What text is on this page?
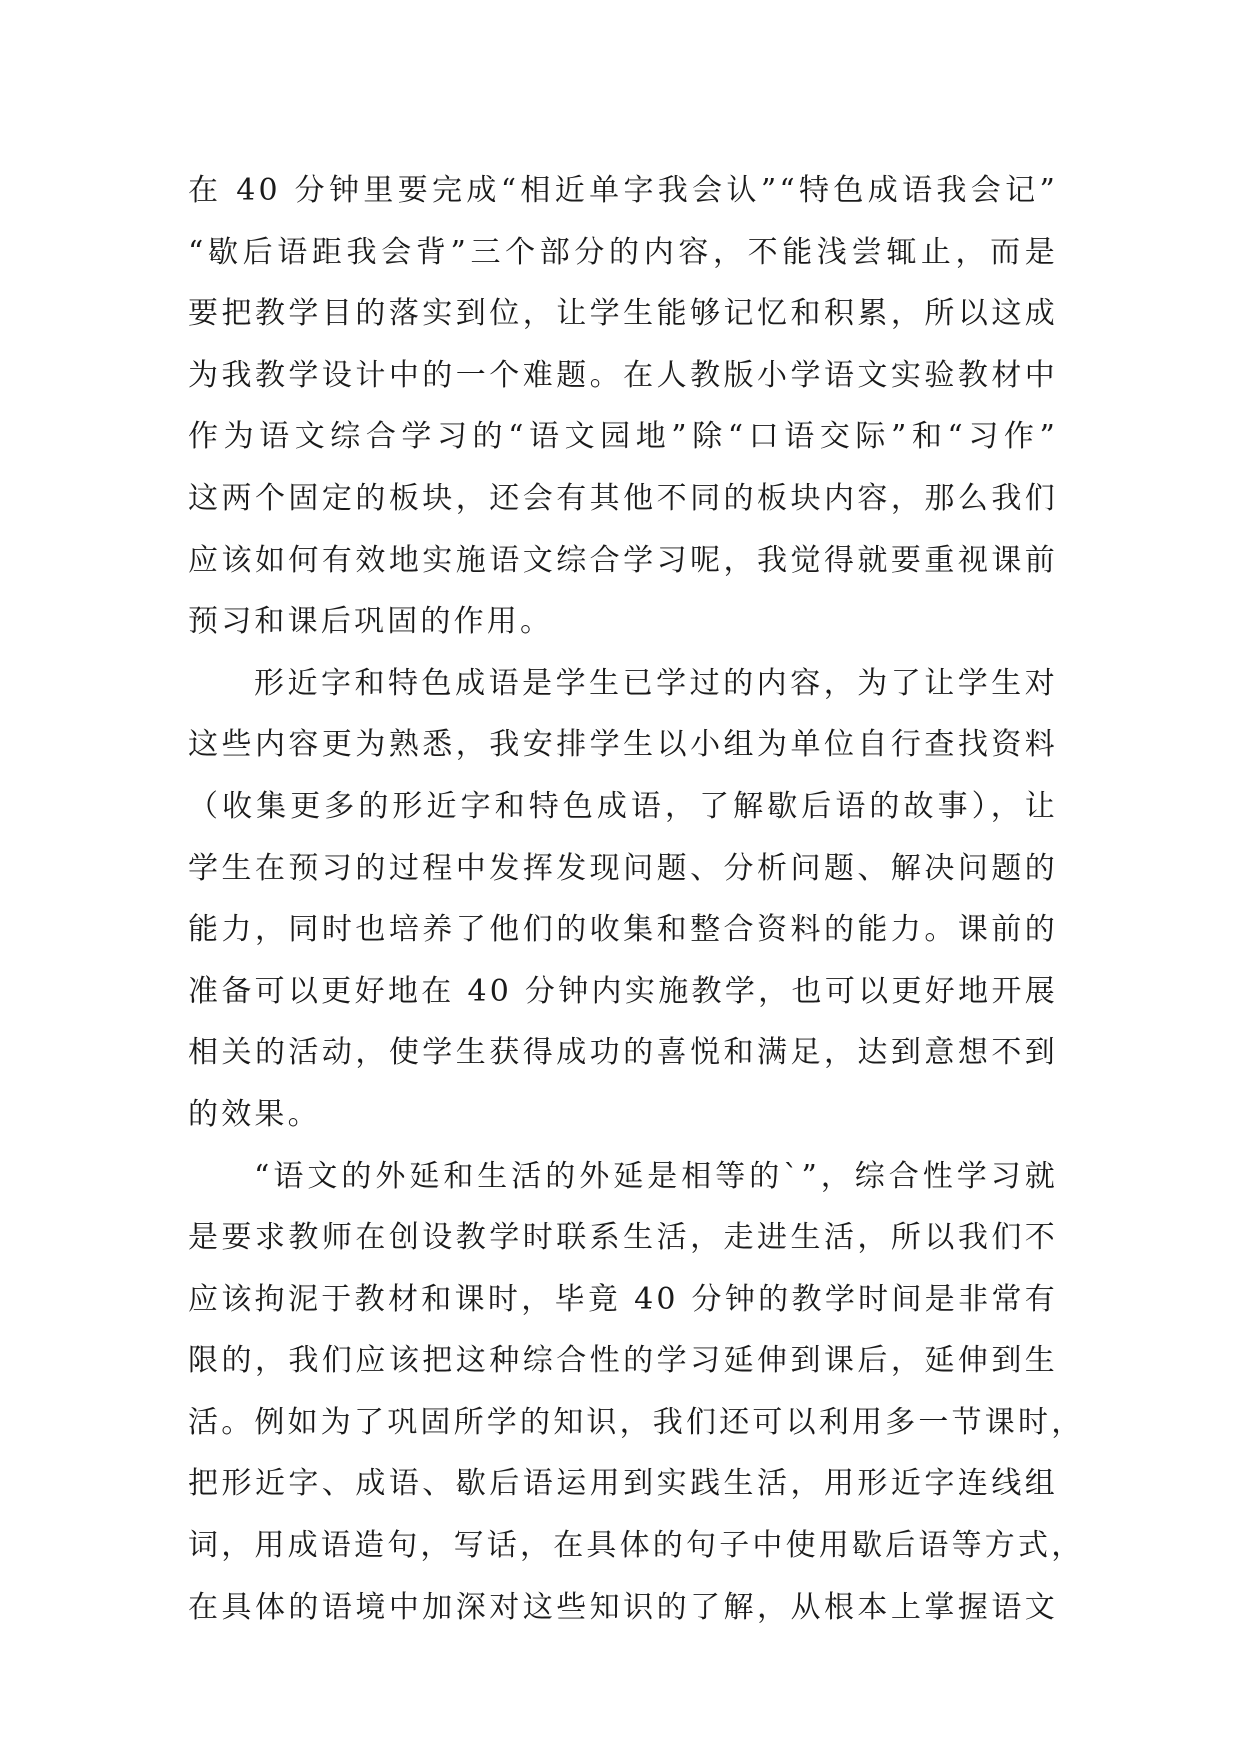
在 40 分钟里要完成“相近单字我会认”“特色成语我会记”
“歇后语距我会背”三个部分的内容，不能浅尝辄止，而是
要把教学目的落实到位，让学生能够记忆和积累，所以这成
为我教学设计中的一个难题。在人教版小学语文实验教材中
作为语文综合学习的“语文园地”除“口语交际”和“习作”
这两个固定的板块，还会有其他不同的板块内容，那么我们
应该如何有效地实施语文综合学习呢，我觉得就要重视课前
预习和课后巩固的作用。
形近字和特色成语是学生已学过的内容，为了让学生对
这些内容更为熟悉，我安排学生以小组为单位自行查找资料
（收集更多的形近字和特色成语，了解歇后语的故事），让
学生在预习的过程中发挥发现问题、分析问题、解决问题的
能力，同时也培养了他们的收集和整合资料的能力。课前的
准备可以更好地在 40 分钟内实施教学，也可以更好地开展
相关的活动，使学生获得成功的喜悦和满足，达到意想不到
的效果。
“语文的外延和生活的外延是相等的`”，综合性学习就
是要求教师在创设教学时联系生活，走进生活，所以我们不
应该拘泥于教材和课时，毕竟 40 分钟的教学时间是非常有
限的，我们应该把这种综合性的学习延伸到课后，延伸到生
活。例如为了巩固所学的知识，我们还可以利用多一节课时，
把形近字、成语、歇后语运用到实践生活，用形近字连线组
词，用成语造句，写话，在具体的句子中使用歇后语等方式，
在具体的语境中加深对这些知识的了解，从根本上掌握语文
